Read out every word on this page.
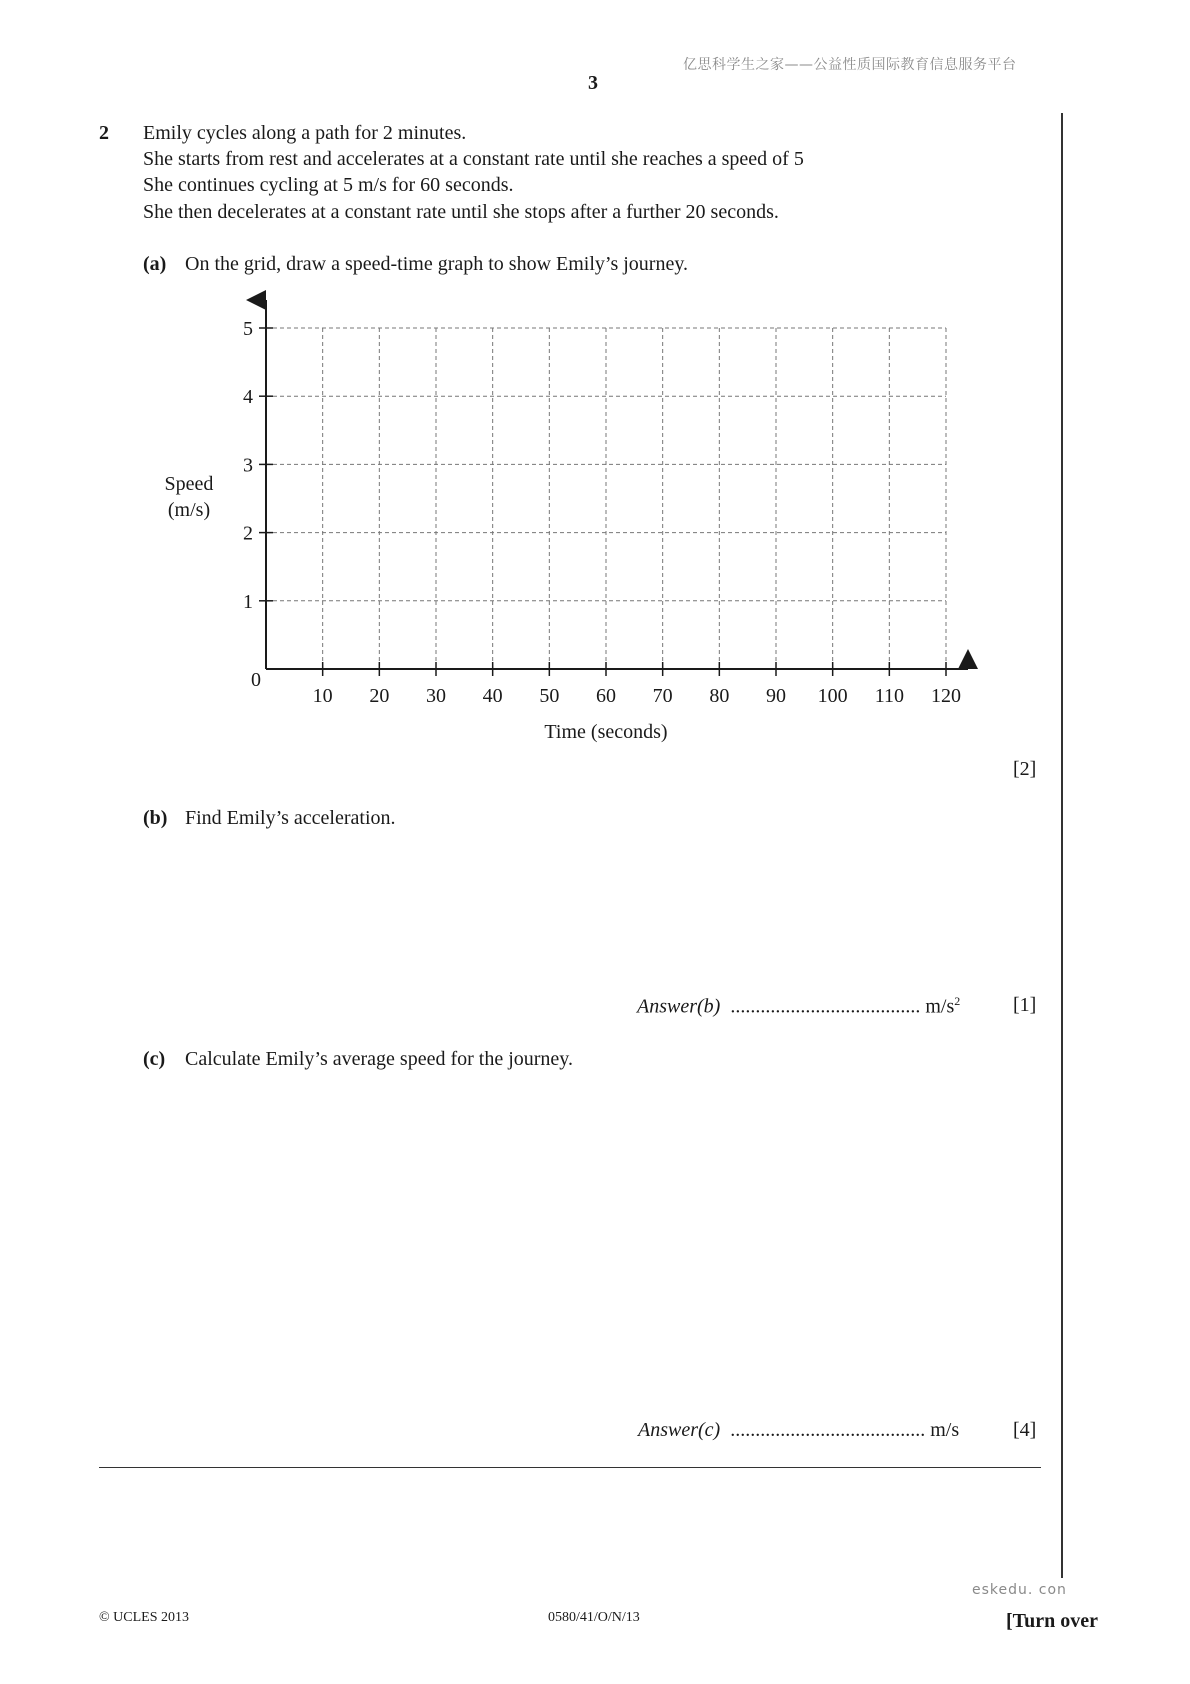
亿思科学生之家——公益性质国际教育信息服务平台
3
2 Emily cycles along a path for 2 minutes.
She starts from rest and accelerates at a constant rate until she reaches a speed of 5
She continues cycling at 5 m/s for 60 seconds.
She then decelerates at a constant rate until she stops after a further 20 seconds.
(a) On the grid, draw a speed-time graph to show Emily’s journey.
10 20 30 40 50 60 70 80 90 100 110 120
1
2
3
4
5
0
Speed
(m/s)
Time (seconds)
[2]
(b) Find Emily’s acceleration.
Answer(b) ...................................... $m/s^2$	[1]
(c) Calculate Emily’s average speed for the journey.
Answer(c) ....................................... m/s	[4]
eskedu. con
© UCLES 2013	0580/41/O/N/13	[Turn over
